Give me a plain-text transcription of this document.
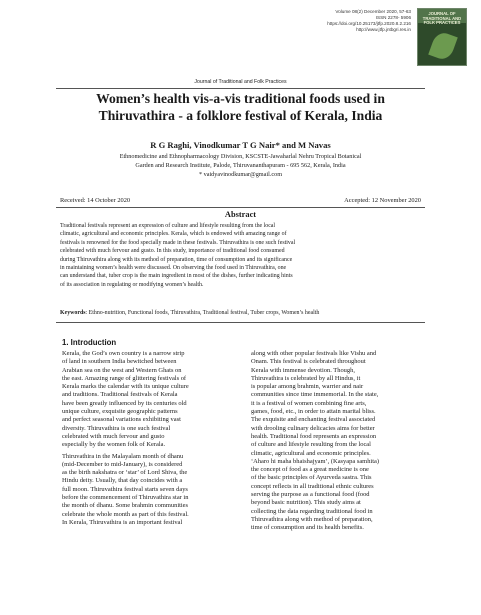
Volume 08(2) December 2020, 57-63
ISSN 2278- 5906
https://doi.org/10.25173/jtfp.2020.8.2.216
http://www.jtfp.jntbgri.res.in
JOURNAL OF TRADITIONAL AND FOLK PRACTICES
Journal of Traditional and Folk Practices
Women’s health vis-a-vis traditional foods used in
Thiruvathira - a folklore festival of Kerala, India
R G Raghi, Vinodkumar T G Nair* and M Navas
Ethnomedicine and Ethnopharmacology Division, KSCSTE-Jawaharlal Nehru Tropical Botanical
Garden and Research Institute, Palode, Thiruvananthapuram - 695 562, Kerala, India
* vaidyavinodkumar@gmail.com
Received: 14 October 2020	Accepted: 12 November 2020
Abstract
Traditional festivals represent an expression of culture and lifestyle resulting from the local
climatic, agricultural and economic principles. Kerala, which is endowed with amazing range of
festivals is renowned for the food specially made in these festivals. Thiruvathira is one such festival
celebrated with much fervour and gusto. In this study, importance of traditional food consumed
during Thiruvathira along with its method of preparation, time of consumption and its significance
in maintaining women’s health were discussed. On observing the food used in Thiruvathira, one
can understand that, tuber crop is the main ingredient in most of the dishes, further indicating hints
of its association in regulating or modifying women’s health.
Keywords: Ethno-nutrition, Functional foods, Thiruvathira, Traditional festival, Tuber crops, Women’s health
1. Introduction

Kerala, the God’s own country is a narrow strip
of land in southern India bewitched between
Arabian sea on the west and Western Ghats on
the east. Amazing range of glittering festivals of
Kerala marks the calendar with its unique culture
and traditions. Traditional festivals of Kerala
have been greatly influenced by its centuries old
unique culture, exquisite geographic patterns
and perfect seasonal variations exhibiting vast
diversity. Thiruvathira is one such festival
celebrated with much fervour and gusto
especially by the women folk of Kerala.

Thiruvathira in the Malayalam month of dhanu
(mid-December to mid-January), is considered
as the birth nakshatra or ‘star’ of Lord Shiva, the
Hindu deity. Usually, that day coincides with a
full moon. Thiruvathira festival starts seven days
before the commencement of Thiruvathira star in
the month of dhanu. Some brahmin communities
celebrate the whole month as part of this festival.
In Kerala, Thiruvathira is an important festival

along with other popular festivals like Vishu and
Onam. This festival is celebrated throughout
Kerala with immense devotion. Though,
Thiruvathira is celebrated by all Hindus, it
is popular among brahmin, warrier and nair
communities since time immemorial. In the state,
it is a festival of women combining fine arts,
games, food, etc., in order to attain marital bliss.
The exquisite and enchanting festival associated
with drooling culinary delicacies aims for better
health. Traditional food represents an expression
of culture and lifestyle resulting from the local
climatic, agricultural and economic principles.
‘Aharo hi maha bhaishajyam’, (Kasyapa samhita)
the concept of food as a great medicine is one
of the basic principles of Ayurveda sastra. This
concept reflects in all traditional ethnic cultures
serving the purpose as a functional food (food
beyond basic nutrition). This study aims at
collecting the data regarding traditional food in
Thiruvathira along with method of preparation,
time of consumption and its health benefits.
